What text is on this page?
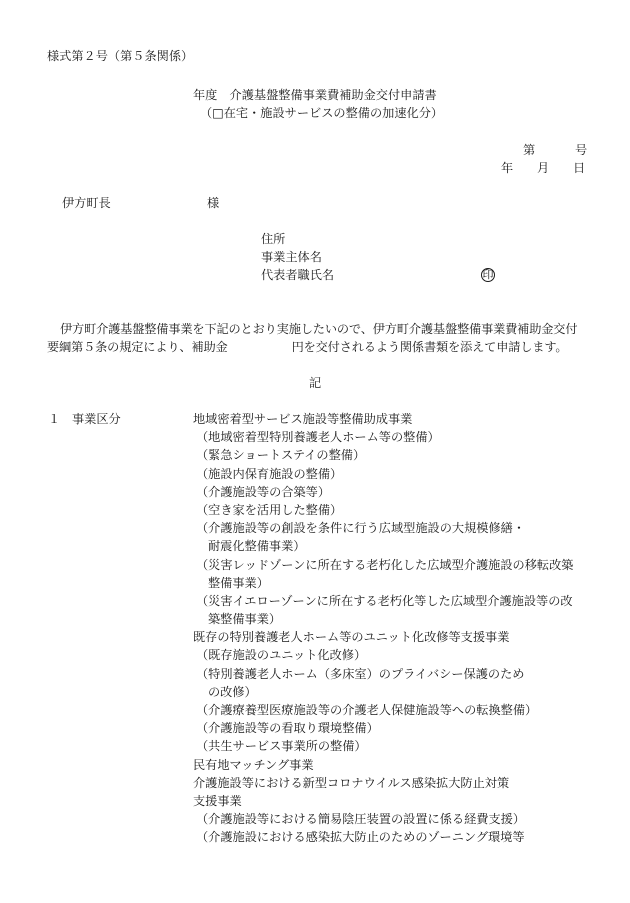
様式第２号（第５条関係）
年度　介護基盤整備事業費補助金交付申請書
（□在宅・施設サービスの整備の加速化分）
第	号
年 月 日
伊方町長	様
住所
事業主体名
代表者職氏名	印
伊方町介護基盤整備事業を下記のとおり実施したいので、伊方町介護基盤整備事業費補助金交付
要綱第５条の規定により、補助金	円を交付されるよう関係書類を添えて申請します。
記
１ 事業区分	地域密着型サービス施設等整備助成事業
（地域密着型特別養護老人ホーム等の整備）
（緊急ショートステイの整備）
（施設内保育施設の整備）
（介護施設等の合築等）
（空き家を活用した整備）
（介護施設等の創設を条件に行う広域型施設の大規模修繕・
耐震化整備事業）
（災害レッドゾーンに所在する老朽化した広域型介護施設の移転改築
整備事業）
（災害イエローゾーンに所在する老朽化等した広域型介護施設等の改
築整備事業）
既存の特別養護老人ホーム等のユニット化改修等支援事業
（既存施設のユニット化改修）
（特別養護老人ホーム（多床室）のプライバシー保護のため
の改修）
（介護療養型医療施設等の介護老人保健施設等への転換整備）
（介護施設等の看取り環境整備）
（共生サービス事業所の整備）
民有地マッチング事業
介護施設等における新型コロナウイルス感染拡大防止対策
支援事業
（介護施設等における簡易陰圧装置の設置に係る経費支援）
（介護施設における感染拡大防止のためのゾーニング環境等
